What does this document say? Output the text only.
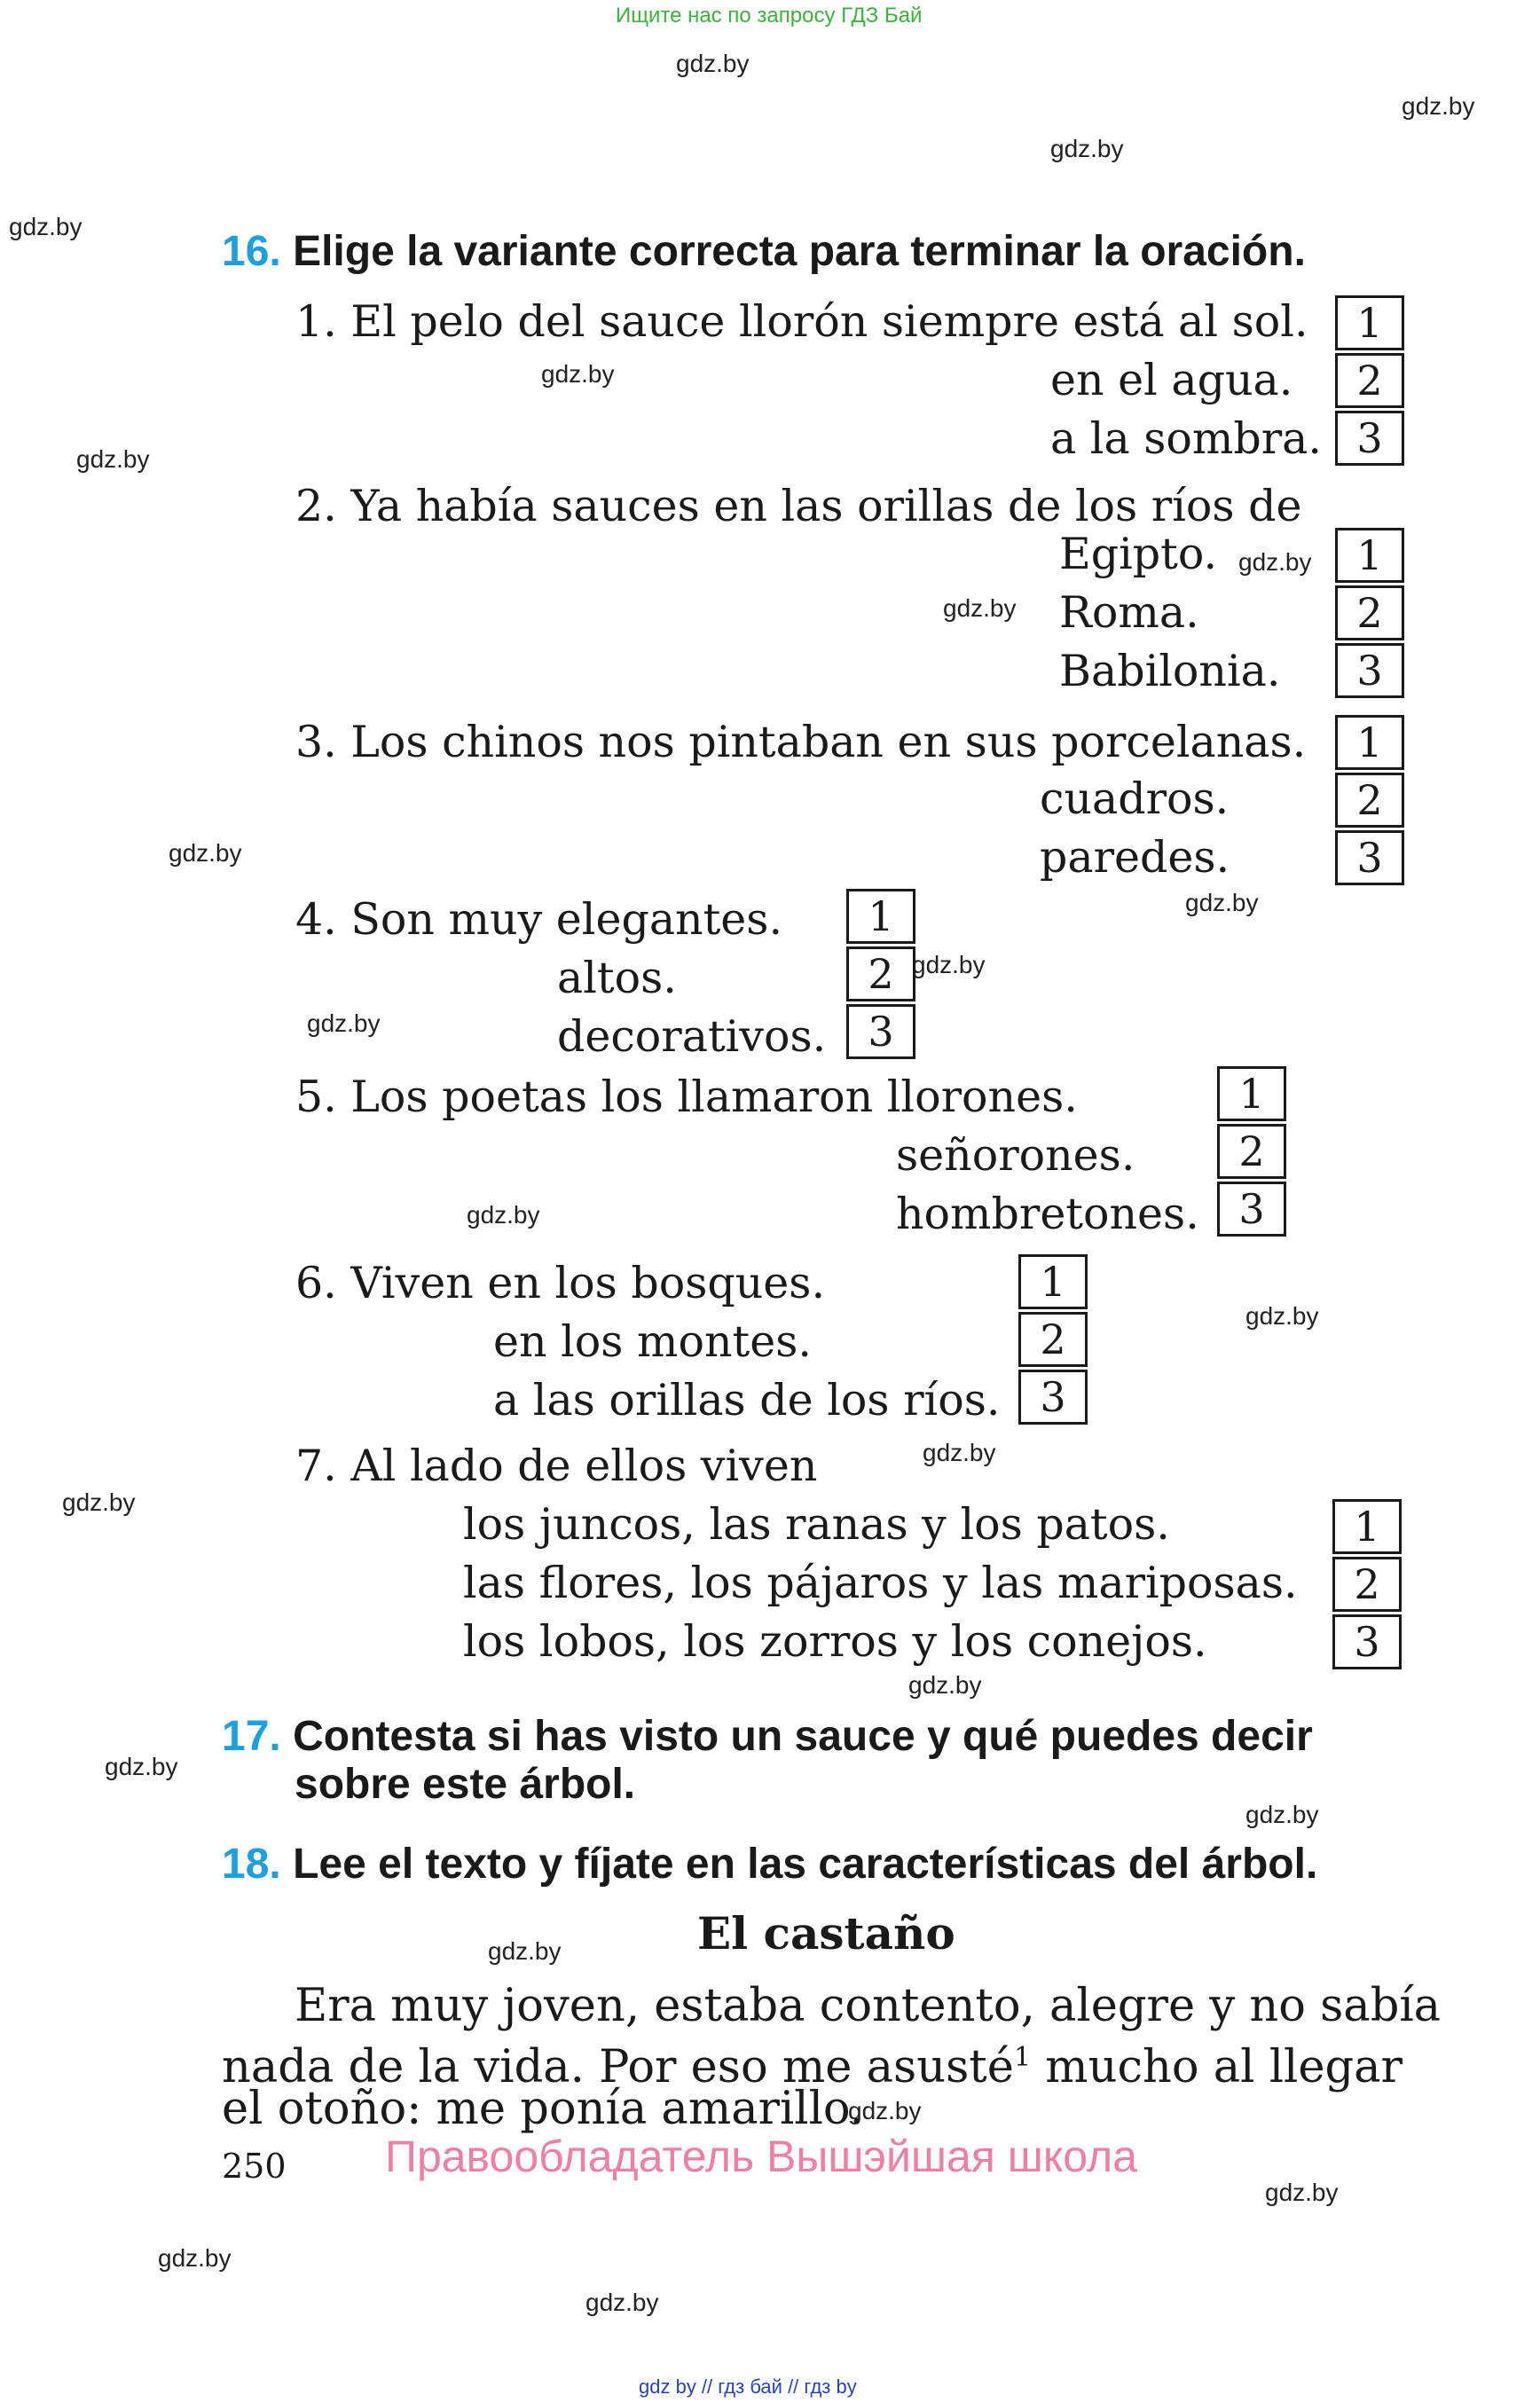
Ищите нас по запросу ГДЗ Бай
gdz by // гдз бай // гдз by
gdz.by
gdz.by
gdz.by
gdz.by
gdz.by
gdz.by
gdz.by
gdz.by
gdz.by
gdz.by
gdz.by
gdz.by
gdz.by
gdz.by
gdz.by
gdz.by
gdz.by
gdz.by
gdz.by
gdz.by
gdz.by
gdz.by
gdz.by
gdz.by
16. Elige la variante correcta para terminar la oración.
1. El pelo del sauce llorón siempre está al sol.
en el agua.
a la sombra.
1
2
3
2. Ya había sauces en las orillas de los ríos de
Egipto.
Roma.
Babilonia.
1
2
3
3. Los chinos nos pintaban en sus porcelanas.
cuadros.
paredes.
1
2
3
4. Son muy elegantes.
altos.
decorativos.
1
2
3
5. Los poetas los llamaron llorones.
señorones.
hombretones.
1
2
3
6. Viven en los bosques.
en los montes.
a las orillas de los ríos.
1
2
3
7. Al lado de ellos viven
los juncos, las ranas y los patos.
las flores, los pájaros y las mariposas.
los lobos, los zorros y los conejos.
1
2
3
17. Contesta si has visto un sauce y qué puedes decir
sobre este árbol.
18. Lee el texto y fíjate en las características del árbol.
El castaño
Era muy joven, estaba contento, alegre y no sabía
nada de la vida. Por eso me asusté$^1$ mucho al llegar
el otoño: me ponía amarillo.
250 Правообладатель Вышэйшая школа
